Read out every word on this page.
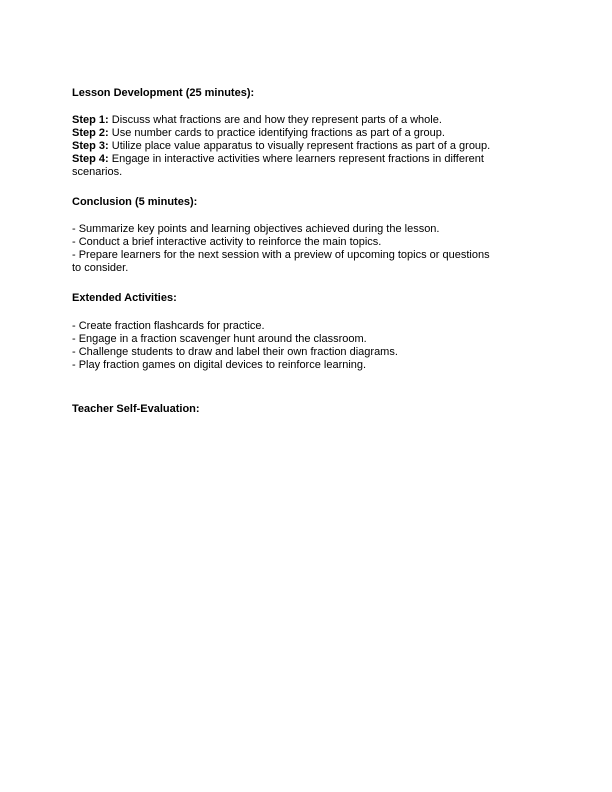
Lesson Development (25 minutes):
Step 1: Discuss what fractions are and how they represent parts of a whole.
Step 2: Use number cards to practice identifying fractions as part of a group.
Step 3: Utilize place value apparatus to visually represent fractions as part of a group.
Step 4: Engage in interactive activities where learners represent fractions in different
scenarios.
Conclusion (5 minutes):
- Summarize key points and learning objectives achieved during the lesson.
- Conduct a brief interactive activity to reinforce the main topics.
- Prepare learners for the next session with a preview of upcoming topics or questions
to consider.
Extended Activities:
- Create fraction flashcards for practice.
- Engage in a fraction scavenger hunt around the classroom.
- Challenge students to draw and label their own fraction diagrams.
- Play fraction games on digital devices to reinforce learning.
Teacher Self-Evaluation:
